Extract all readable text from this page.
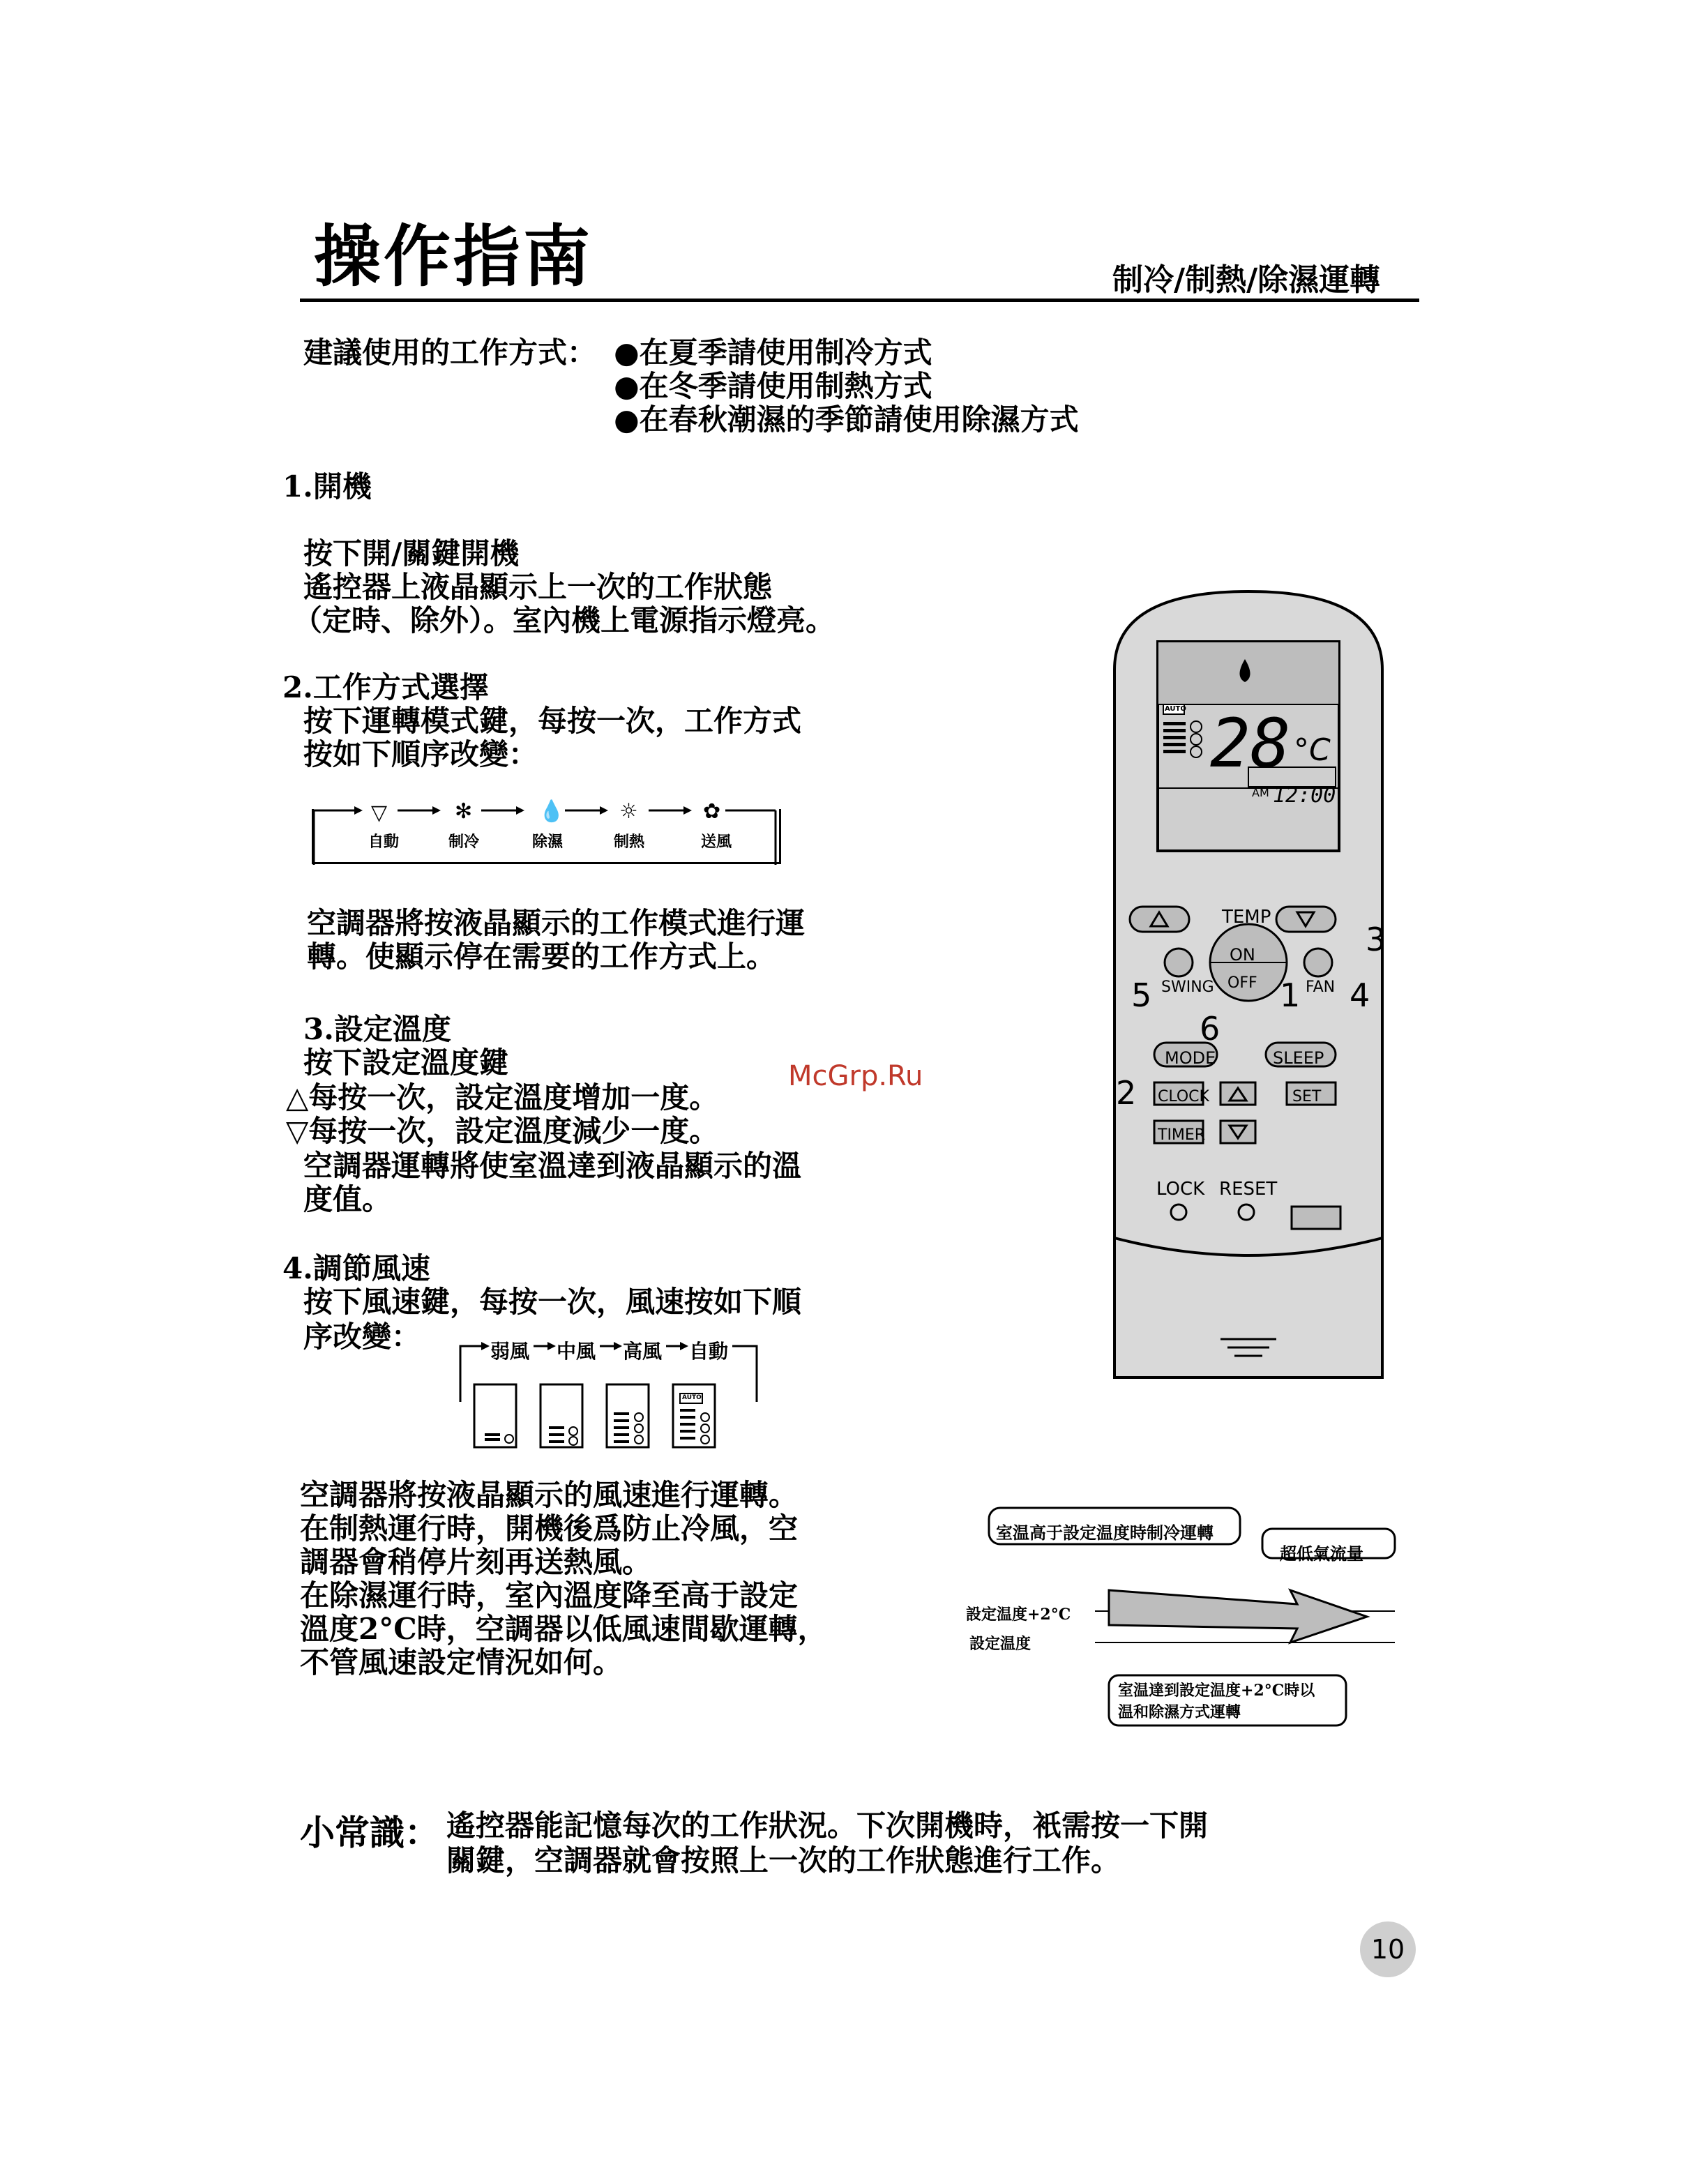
操作指南	制冷/制熱/除濕運轉
建議使用的工作方式： ●在夏季請使用制冷方式
●在冬季請使用制熱方式
●在春秋潮濕的季節請使用除濕方式
1.開機
按下開/關鍵開機
遙控器上液晶顯示上一次的工作狀態
（定時、除外）。室內機上電源指示燈亮。
2.工作方式選擇
按下運轉模式鍵，每按一次，工作方式
按如下順序改變：
▽	✻	💧	☼	✿
自動	制冷	除濕	制熱	送風
空調器將按液晶顯示的工作模式進行運
轉。使顯示停在需要的工作方式上。
3.設定溫度
按下設定溫度鍵
△每按一次，設定溫度增加一度。
▽每按一次，設定溫度減少一度。
空調器運轉將使室溫達到液晶顯示的溫
度值。
4.調節風速
按下風速鍵，每按一次，風速按如下順
序改變：
AUTO
弱風 中風 高風 自動
空調器將按液晶顯示的風速進行運轉。
在制熱運行時，開機後爲防止冷風，空
調器會稍停片刻再送熱風。
在除濕運行時，室內溫度降至高于設定
溫度2°C時，空調器以低風速間歇運轉，
不管風速設定情況如何。
AUTO 28 °C
AM 12:00
TEMP
ON
OFF
SWING	FAN
MODE	SLEEP
CLOCK	SET
TIMER
LOCK RESET
1
2
3
4
5
6
McGrp.Ru
室温高于設定温度時制冷運轉
超低氣流量
室温達到設定温度+2°C時以
温和除濕方式運轉
設定温度+2°C
設定温度
小常識： 遙控器能記憶每次的工作狀況。下次開機時，衹需按一下開
關鍵，空調器就會按照上一次的工作狀態進行工作。
10
